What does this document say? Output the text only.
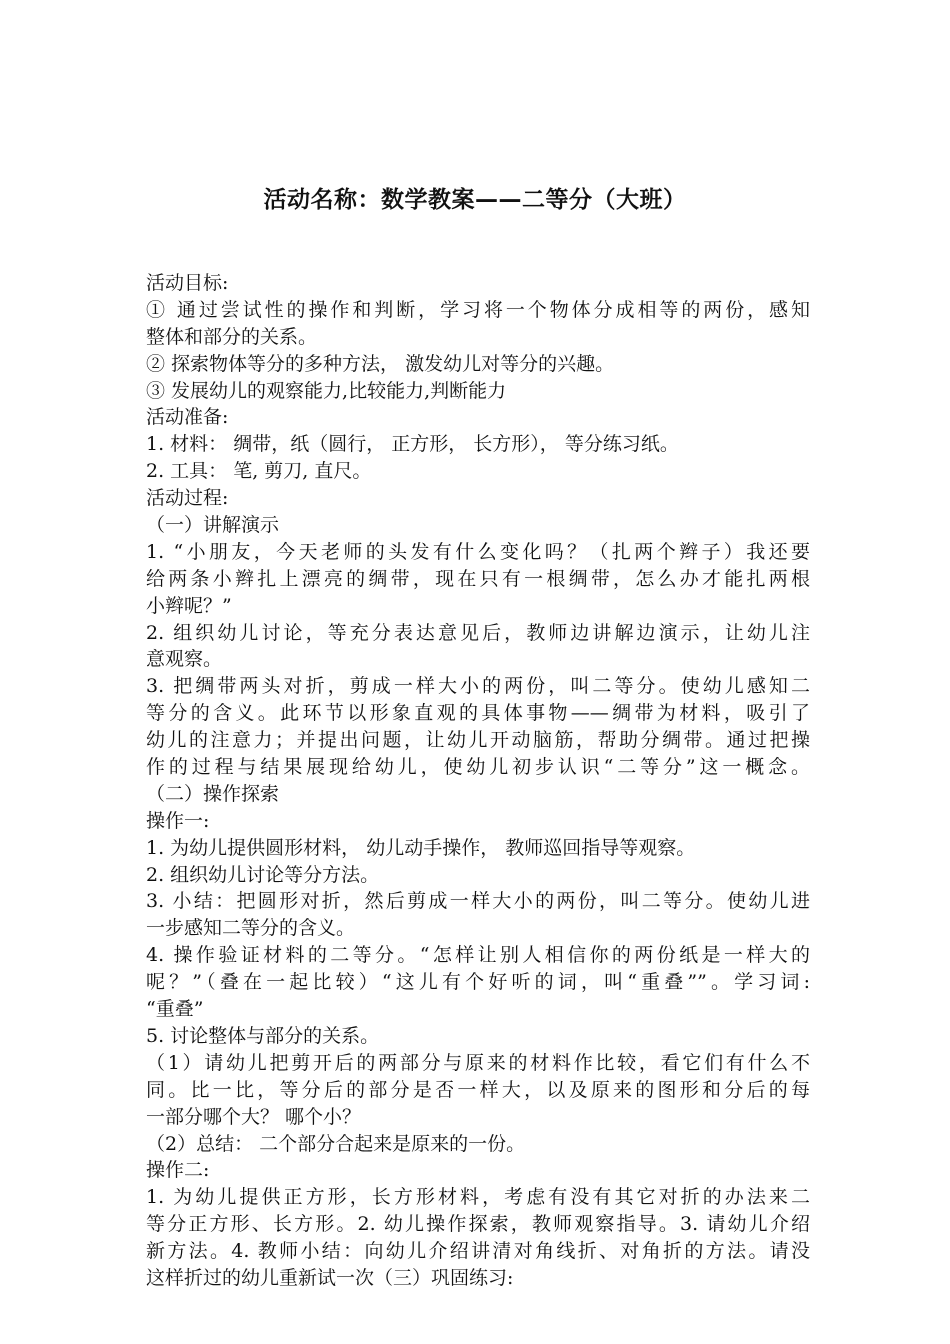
活动名称：数学教案——二等分（大班）
活动目标:
① 通过尝试性的操作和判断，学习将一个物体分成相等的两份，感知
整体和部分的关系。
② 探索物体等分的多种方法， 激发幼儿对等分的兴趣。
③ 发展幼儿的观察能力,比较能力,判断能力
活动准备:
1. 材料： 绸带，纸（圆行， 正方形， 长方形）， 等分练习纸。
2. 工具： 笔, 剪刀, 直尺。
活动过程:
（一）讲解演示
1. “小朋友，今天老师的头发有什么变化吗？（扎两个辫子）我还要
给两条小辫扎上漂亮的绸带，现在只有一根绸带，怎么办才能扎两根
小辫呢？”
2. 组织幼儿讨论，等充分表达意见后，教师边讲解边演示，让幼儿注
意观察。
3. 把绸带两头对折，剪成一样大小的两份，叫二等分。使幼儿感知二
等分的含义。此环节以形象直观的具体事物——绸带为材料，吸引了
幼儿的注意力；并提出问题，让幼儿开动脑筋，帮助分绸带。通过把操
作的过程与结果展现给幼儿，使幼儿初步认识“二等分”这一概念。
（二）操作探索
操作一:
1. 为幼儿提供圆形材料， 幼儿动手操作， 教师巡回指导等观察。
2. 组织幼儿讨论等分方法。
3. 小结：把圆形对折，然后剪成一样大小的两份，叫二等分。使幼儿进
一步感知二等分的含义。
4. 操作验证材料的二等分。“怎样让别人相信你的两份纸是一样大的
呢？”（叠在一起比较）“这儿有个好听的词，叫“重叠””。学习词:
“重叠”
5. 讨论整体与部分的关系。
（1）请幼儿把剪开后的两部分与原来的材料作比较，看它们有什么不
同。比一比，等分后的部分是否一样大，以及原来的图形和分后的每
一部分哪个大？ 哪个小？
（2）总结： 二个部分合起来是原来的一份。
操作二:
1. 为幼儿提供正方形，长方形材料，考虑有没有其它对折的办法来二
等分正方形、长方形。2. 幼儿操作探索，教师观察指导。3. 请幼儿介绍
新方法。4. 教师小结：向幼儿介绍讲清对角线折、对角折的方法。请没
这样折过的幼儿重新试一次（三）巩固练习:
